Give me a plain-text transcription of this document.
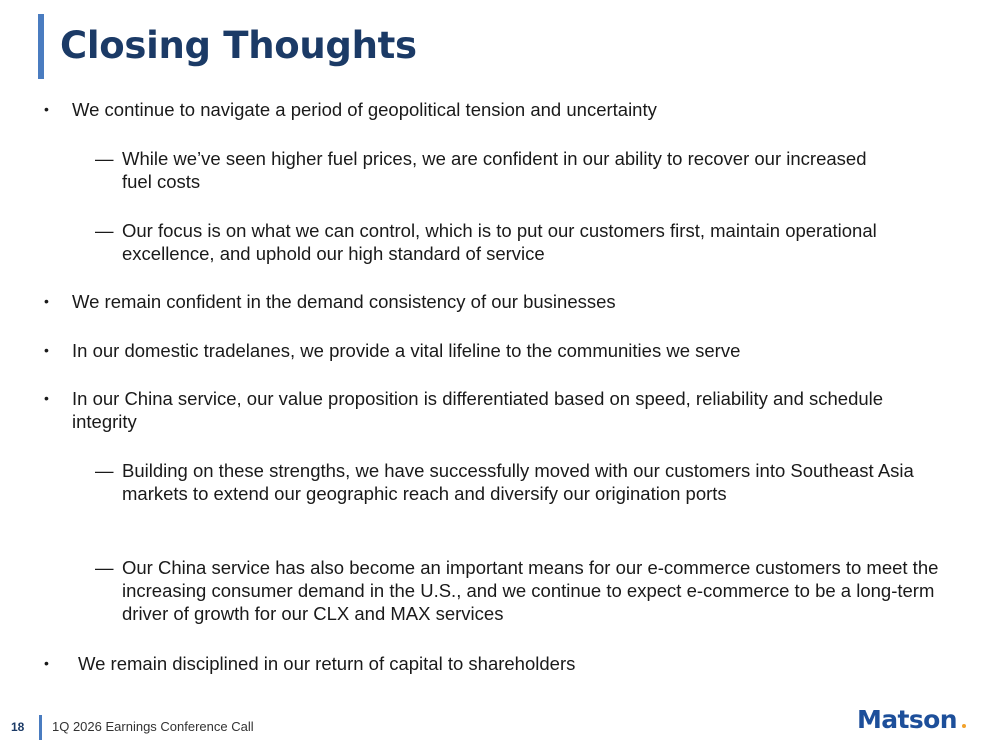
Closing Thoughts
• We continue to navigate a period of geopolitical tension and uncertainty
— While we’ve seen higher fuel prices, we are confident in our ability to recover our increased fuel costs
— Our focus is on what we can control, which is to put our customers first, maintain operational excellence, and uphold our high standard of service
• We remain confident in the demand consistency of our businesses
• In our domestic tradelanes, we provide a vital lifeline to the communities we serve
• In our China service, our value proposition is differentiated based on speed, reliability and schedule integrity
— Building on these strengths, we have successfully moved with our customers into Southeast Asia markets to extend our geographic reach and diversify our origination ports
— Our China service has also become an important means for our e-commerce customers to meet the increasing consumer demand in the U.S., and we continue to expect e-commerce to be a long-term driver of growth for our CLX and MAX services
• We remain disciplined in our return of capital to shareholders
18 1Q 2026 Earnings Conference Call	Matson
